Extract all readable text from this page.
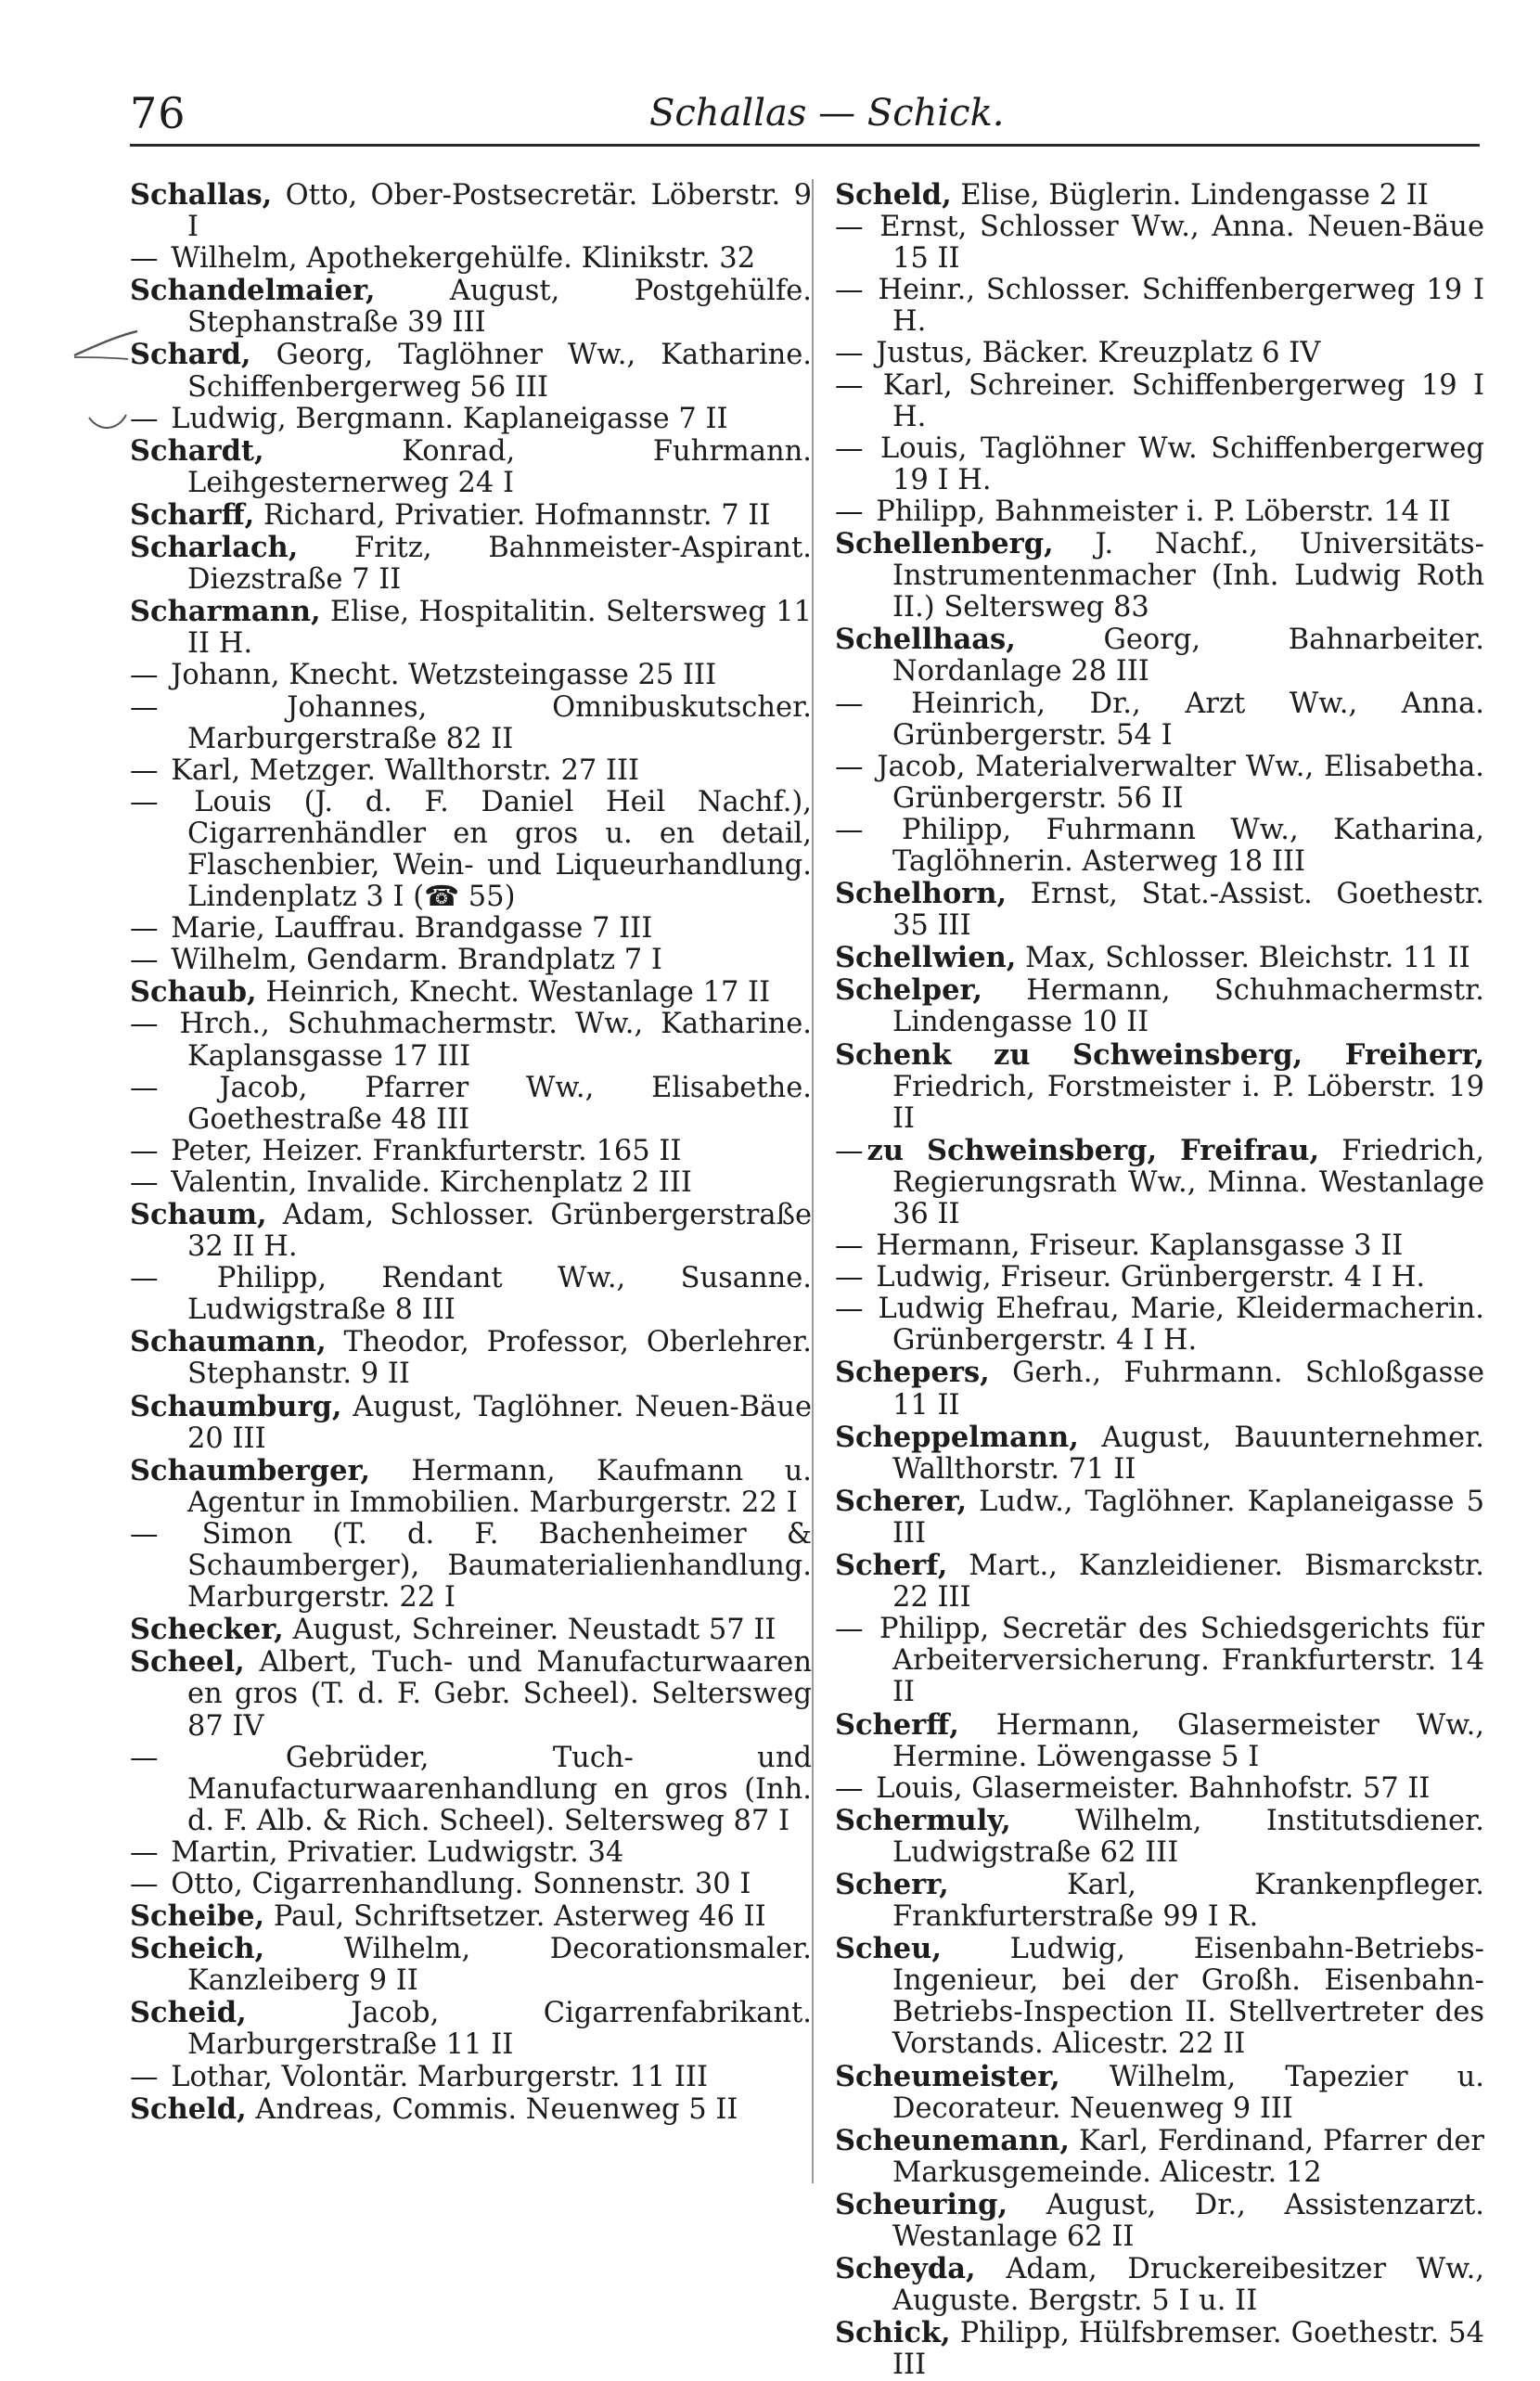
76	Schallas — Schick.
Schallas, Otto, Ober-Postsecretär. Löberstr. 9 I
— Wilhelm, Apothekergehülfe. Klinikstr. 32
Schandelmaier, August, Postgehülfe. Stephanstraße 39 III
Schard, Georg, Taglöhner Ww., Katharine. Schiffenbergerweg 56 III
— Ludwig, Bergmann. Kaplaneigasse 7 II
Schardt, Konrad, Fuhrmann. Leihgesternerweg 24 I
Scharff, Richard, Privatier. Hofmannstr. 7 II
Scharlach, Fritz, Bahnmeister-Aspirant. Diezstraße 7 II
Scharmann, Elise, Hospitalitin. Seltersweg 11 II H.
— Johann, Knecht. Wetzsteingasse 25 III
— Johannes, Omnibuskutscher. Marburgerstraße 82 II
— Karl, Metzger. Wallthorstr. 27 III
— Louis (J. d. F. Daniel Heil Nachf.), Cigarrenhändler en gros u. en detail, Flaschenbier, Wein- und Liqueurhandlung. Lindenplatz 3 I (☎ 55)
— Marie, Lauffrau. Brandgasse 7 III
— Wilhelm, Gendarm. Brandplatz 7 I
Schaub, Heinrich, Knecht. Westanlage 17 II
— Hrch., Schuhmachermstr. Ww., Katharine. Kaplansgasse 17 III
— Jacob, Pfarrer Ww., Elisabethe. Goethestraße 48 III
— Peter, Heizer. Frankfurterstr. 165 II
— Valentin, Invalide. Kirchenplatz 2 III
Schaum, Adam, Schlosser. Grünbergerstraße 32 II H.
— Philipp, Rendant Ww., Susanne. Ludwigstraße 8 III
Schaumann, Theodor, Professor, Oberlehrer. Stephanstr. 9 II
Schaumburg, August, Taglöhner. Neuen-Bäue 20 III
Schaumberger, Hermann, Kaufmann u. Agentur in Immobilien. Marburgerstr. 22 I
— Simon (T. d. F. Bachenheimer & Schaumberger), Baumaterialienhandlung. Marburgerstr. 22 I
Schecker, August, Schreiner. Neustadt 57 II
Scheel, Albert, Tuch- und Manufacturwaaren en gros (T. d. F. Gebr. Scheel). Seltersweg 87 IV
— Gebrüder, Tuch- und Manufacturwaarenhandlung en gros (Inh. d. F. Alb. & Rich. Scheel). Seltersweg 87 I
— Martin, Privatier. Ludwigstr. 34
— Otto, Cigarrenhandlung. Sonnenstr. 30 I
Scheibe, Paul, Schriftsetzer. Asterweg 46 II
Scheich, Wilhelm, Decorationsmaler. Kanzleiberg 9 II
Scheid, Jacob, Cigarrenfabrikant. Marburgerstraße 11 II
— Lothar, Volontär. Marburgerstr. 11 III
Scheld, Andreas, Commis. Neuenweg 5 II
Scheld, Elise, Büglerin. Lindengasse 2 II
— Ernst, Schlosser Ww., Anna. Neuen-Bäue 15 II
— Heinr., Schlosser. Schiffenbergerweg 19 I H.
— Justus, Bäcker. Kreuzplatz 6 IV
— Karl, Schreiner. Schiffenbergerweg 19 I H.
— Louis, Taglöhner Ww. Schiffenbergerweg 19 I H.
— Philipp, Bahnmeister i. P. Löberstr. 14 II
Schellenberg, J. Nachf., Universitäts-Instrumentenmacher (Inh. Ludwig Roth II.) Seltersweg 83
Schellhaas, Georg, Bahnarbeiter. Nordanlage 28 III
— Heinrich, Dr., Arzt Ww., Anna. Grünbergerstr. 54 I
— Jacob, Materialverwalter Ww., Elisabetha. Grünbergerstr. 56 II
— Philipp, Fuhrmann Ww., Katharina, Taglöhnerin. Asterweg 18 III
Schelhorn, Ernst, Stat.-Assist. Goethestr. 35 III
Schellwien, Max, Schlosser. Bleichstr. 11 II
Schelper, Hermann, Schuhmachermstr. Lindengasse 10 II
Schenk zu Schweinsberg, Freiherr, Friedrich, Forstmeister i. P. Löberstr. 19 II
— zu Schweinsberg, Freifrau, Friedrich, Regierungsrath Ww., Minna. Westanlage 36 II
— Hermann, Friseur. Kaplansgasse 3 II
— Ludwig, Friseur. Grünbergerstr. 4 I H.
— Ludwig Ehefrau, Marie, Kleidermacherin. Grünbergerstr. 4 I H.
Schepers, Gerh., Fuhrmann. Schloßgasse 11 II
Scheppelmann, August, Bauunternehmer. Wallthorstr. 71 II
Scherer, Ludw., Taglöhner. Kaplaneigasse 5 III
Scherf, Mart., Kanzleidiener. Bismarckstr. 22 III
— Philipp, Secretär des Schiedsgerichts für Arbeiterversicherung. Frankfurterstr. 14 II
Scherff, Hermann, Glasermeister Ww., Hermine. Löwengasse 5 I
— Louis, Glasermeister. Bahnhofstr. 57 II
Schermuly, Wilhelm, Institutsdiener. Ludwigstraße 62 III
Scherr, Karl, Krankenpfleger. Frankfurterstraße 99 I R.
Scheu, Ludwig, Eisenbahn-Betriebs-Ingenieur, bei der Großh. Eisenbahn-Betriebs-Inspection II. Stellvertreter des Vorstands. Alicestr. 22 II
Scheumeister, Wilhelm, Tapezier u. Decorateur. Neuenweg 9 III
Scheunemann, Karl, Ferdinand, Pfarrer der Markusgemeinde. Alicestr. 12
Scheuring, August, Dr., Assistenzarzt. Westanlage 62 II
Scheyda, Adam, Druckereibesitzer Ww., Auguste. Bergstr. 5 I u. II
Schick, Philipp, Hülfsbremser. Goethestr. 54 III
